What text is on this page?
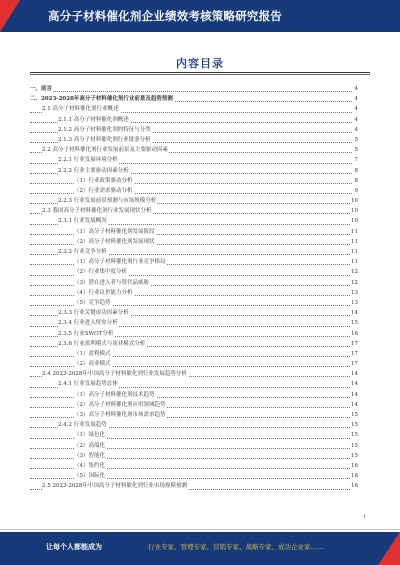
高分子材料催化剂企业绩效考核策略研究报告
内容目录
一、前言	4
二、2023-2028年高分子材料催化剂行业前景及趋势预测	4
2.1 高分子材料催化剂行业概述	4
2.1.1 高分子材料催化剂概述	4
2.1.2 高分子材料催化剂的特征与分类	4
2.1.3 高分子材料催化剂行业链条分析	5
2.2 高分子材料催化剂行业发展前景及主要驱动因素	5
2.2.1 行业发展环境分析	7
2.2.2 行业主要驱动因素分析	8
（1）行业政策驱动分析	8
（2）行业需求驱动分析	9
2.2.3 行业发展前景预测与市场规模分析	10
2.3 我国高分子材料催化剂行业发展现状分析	10
2.3.1 行业发展概况	10
（1）高分子材料催化剂发展阶段	11
（2）高分子材料催化剂发展现状	11
2.3.2 行业竞争分析	11
（1）高分子材料催化剂行业竞争格局	11
（2）行业集中度分析	12
（3）潜在进入者与替代品威胁	12
（4）行业议价能力分析	13
（5）竞争趋势	13
2.3.3 行业关键成功因素分析	14
2.3.4 行业进入壁垒分析	15
2.3.5 行业SWOT分析	16
2.3.6 行业盈利模式与商业模式分析	17
（1）盈利模式	17
（2）商业模式	17
2.4 2023-2028年中国高分子材料催化剂行业发展趋势分析	14
2.4.1 行业发展趋势总体	14
（1）高分子材料催化剂技术趋势	14
（2）高分子材料催化剂应用领域趋势	14
（3）高分子材料催化剂市场需求趋势	15
2.4.2 行业发展趋势	15
（1）绿色化	15
（2）高端化	15
（3）智能化	15
（4）集约化	16
（5）国际化	16
2.5 2023-2028年中国高分子材料催化剂行业市场规模预测	16
1
让每个人都能成为	行业专家、管理专家、营销专家、战略专家、成功企业家……
